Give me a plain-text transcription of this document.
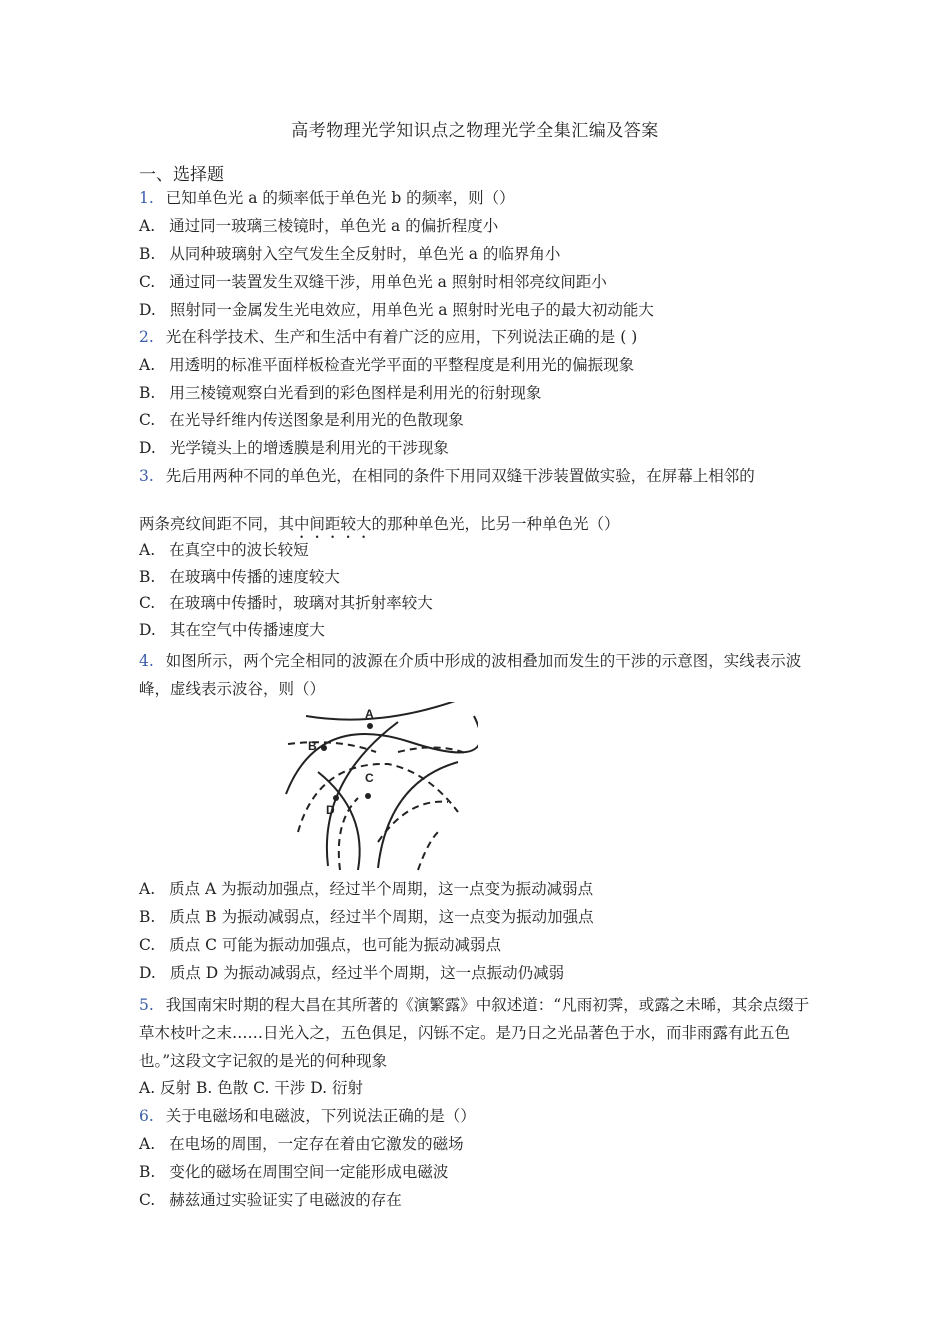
高考物理光学知识点之物理光学全集汇编及答案
一、选择题
1. 已知单色光 a 的频率低于单色光 b 的频率，则（）
A. 通过同一玻璃三棱镜时，单色光 a 的偏折程度小
B. 从同种玻璃射入空气发生全反射时，单色光 a 的临界角小
C. 通过同一装置发生双缝干涉，用单色光 a 照射时相邻亮纹间距小
D. 照射同一金属发生光电效应，用单色光 a 照射时光电子的最大初动能大
2. 光在科学技术、生产和生活中有着广泛的应用，下列说法正确的是 ( )
A. 用透明的标准平面样板检查光学平面的平整程度是利用光的偏振现象
B. 用三棱镜观察白光看到的彩色图样是利用光的衍射现象
C. 在光导纤维内传送图象是利用光的色散现象
D. 光学镜头上的增透膜是利用光的干涉现象
3. 先后用两种不同的单色光，在相同的条件下用同双缝干涉装置做实验，在屏幕上相邻的
两条亮纹间距不同，其中间距较大的那种单色光，比另一种单色光（）
A. 在真空中的波长较短
B. 在玻璃中传播的速度较大
C. 在玻璃中传播时，玻璃对其折射率较大
D. 其在空气中传播速度大
4. 如图所示，两个完全相同的波源在介质中形成的波相叠加而发生的干涉的示意图，实线表示波峰，虚线表示波谷，则（）
A
B
C
D
A. 质点 A 为振动加强点，经过半个周期，这一点变为振动减弱点
B. 质点 B 为振动减弱点，经过半个周期，这一点变为振动加强点
C. 质点 C 可能为振动加强点，也可能为振动减弱点
D. 质点 D 为振动减弱点，经过半个周期，这一点振动仍减弱
5. 我国南宋时期的程大昌在其所著的《演繁露》中叙述道：“凡雨初霁，或露之未晞，其余点缀于草木枝叶之末……日光入之，五色俱足，闪铄不定。是乃日之光品著色于水，而非雨露有此五色也。”这段文字记叙的是光的何种现象
A. 反射 B. 色散 C. 干涉 D. 衍射
6. 关于电磁场和电磁波，下列说法正确的是（）
A. 在电场的周围，一定存在着由它激发的磁场
B. 变化的磁场在周围空间一定能形成电磁波
C. 赫兹通过实验证实了电磁波的存在
